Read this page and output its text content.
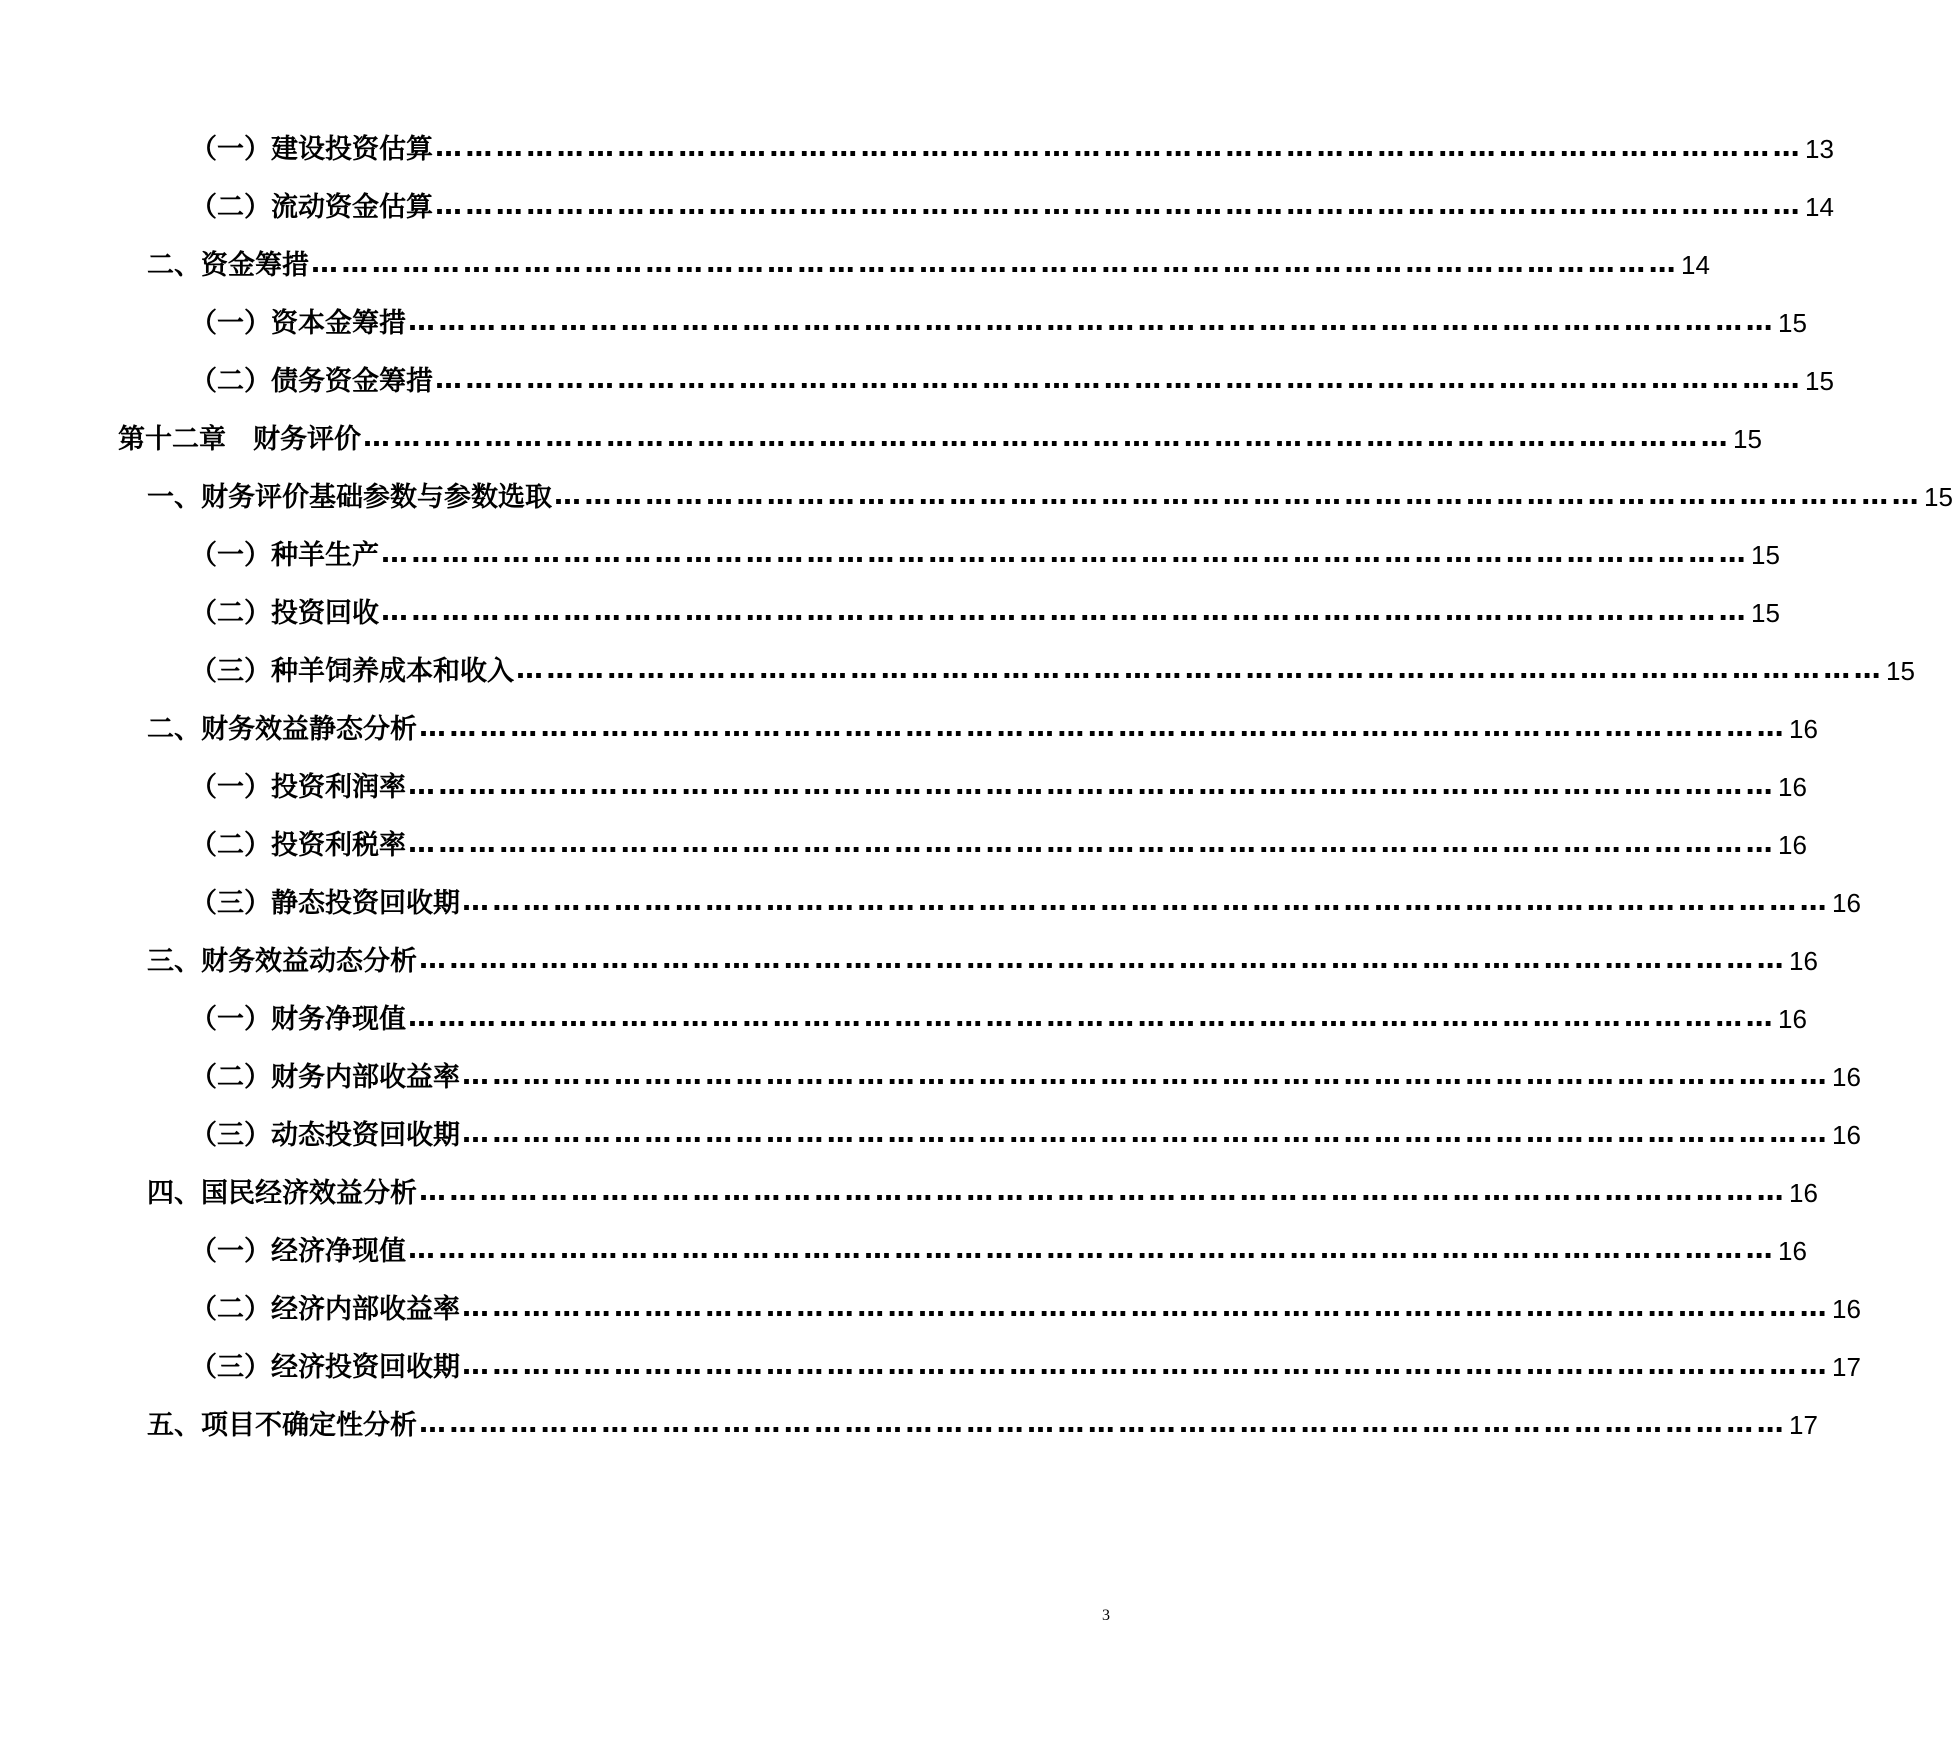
（一）建设投资估算 ……………………………………………………………………………………………………………………… 13
（二）流动资金估算 ……………………………………………………………………………………………………………………… 14
二、资金筹措 ……………………………………………………………………………………………………………………… 14
（一）资本金筹措 ……………………………………………………………………………………………………………………… 15
（二）债务资金筹措 ……………………………………………………………………………………………………………………… 15
第十二章　财务评价 ……………………………………………………………………………………………………………………… 15
一、财务评价基础参数与参数选取 ……………………………………………………………………………………………………………………… 15
（一）种羊生产 ……………………………………………………………………………………………………………………… 15
（二）投资回收 ……………………………………………………………………………………………………………………… 15
（三）种羊饲养成本和收入 ……………………………………………………………………………………………………………………… 15
二、财务效益静态分析 ……………………………………………………………………………………………………………………… 16
（一）投资利润率 ……………………………………………………………………………………………………………………… 16
（二）投资利税率 ……………………………………………………………………………………………………………………… 16
（三）静态投资回收期 ……………………………………………………………………………………………………………………… 16
三、财务效益动态分析 ……………………………………………………………………………………………………………………… 16
（一）财务净现值 ……………………………………………………………………………………………………………………… 16
（二）财务内部收益率 ……………………………………………………………………………………………………………………… 16
（三）动态投资回收期 ……………………………………………………………………………………………………………………… 16
四、国民经济效益分析 ……………………………………………………………………………………………………………………… 16
（一）经济净现值 ……………………………………………………………………………………………………………………… 16
（二）经济内部收益率 ……………………………………………………………………………………………………………………… 16
（三）经济投资回收期 ……………………………………………………………………………………………………………………… 17
五、项目不确定性分析 ……………………………………………………………………………………………………………………… 17
3
